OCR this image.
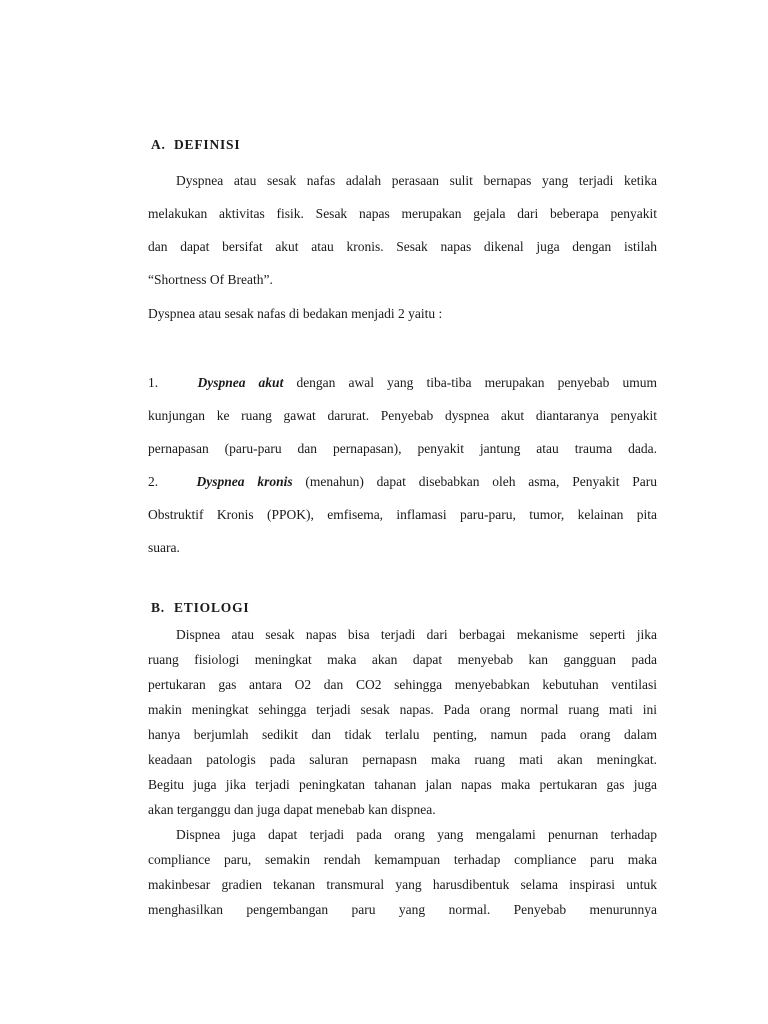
A. DEFINISI
Dyspnea atau sesak nafas adalah perasaan sulit bernapas yang terjadi ketika
melakukan aktivitas fisik. Sesak napas merupakan gejala dari beberapa penyakit
dan dapat bersifat akut atau kronis. Sesak napas dikenal juga dengan istilah
“Shortness Of Breath”.
Dyspnea atau sesak nafas di bedakan menjadi 2 yaitu :
1.	Dyspnea akut dengan awal yang tiba-tiba merupakan penyebab umum
kunjungan ke ruang gawat darurat. Penyebab dyspnea akut diantaranya penyakit
pernapasan (paru-paru dan pernapasan), penyakit jantung atau trauma dada.
2.	Dyspnea kronis (menahun) dapat disebabkan oleh asma, Penyakit Paru
Obstruktif Kronis (PPOK), emfisema, inflamasi paru-paru, tumor, kelainan pita
suara.
B. ETIOLOGI
Dispnea atau sesak napas bisa terjadi dari berbagai mekanisme seperti jika
ruang fisiologi meningkat maka akan dapat menyebab kan gangguan pada
pertukaran gas antara O2 dan CO2 sehingga menyebabkan kebutuhan ventilasi
makin meningkat sehingga terjadi sesak napas. Pada orang normal ruang mati ini
hanya berjumlah sedikit dan tidak terlalu penting, namun pada orang dalam
keadaan patologis pada saluran pernapasn maka ruang mati akan meningkat.
Begitu juga jika terjadi peningkatan tahanan jalan napas maka pertukaran gas juga
akan terganggu dan juga dapat menebab kan dispnea.
Dispnea juga dapat terjadi pada orang yang mengalami penurnan terhadap
compliance paru, semakin rendah kemampuan terhadap compliance paru maka
makinbesar gradien tekanan transmural yang harusdibentuk selama inspirasi untuk
menghasilkan pengembangan paru yang normal. Penyebab menurunnya
